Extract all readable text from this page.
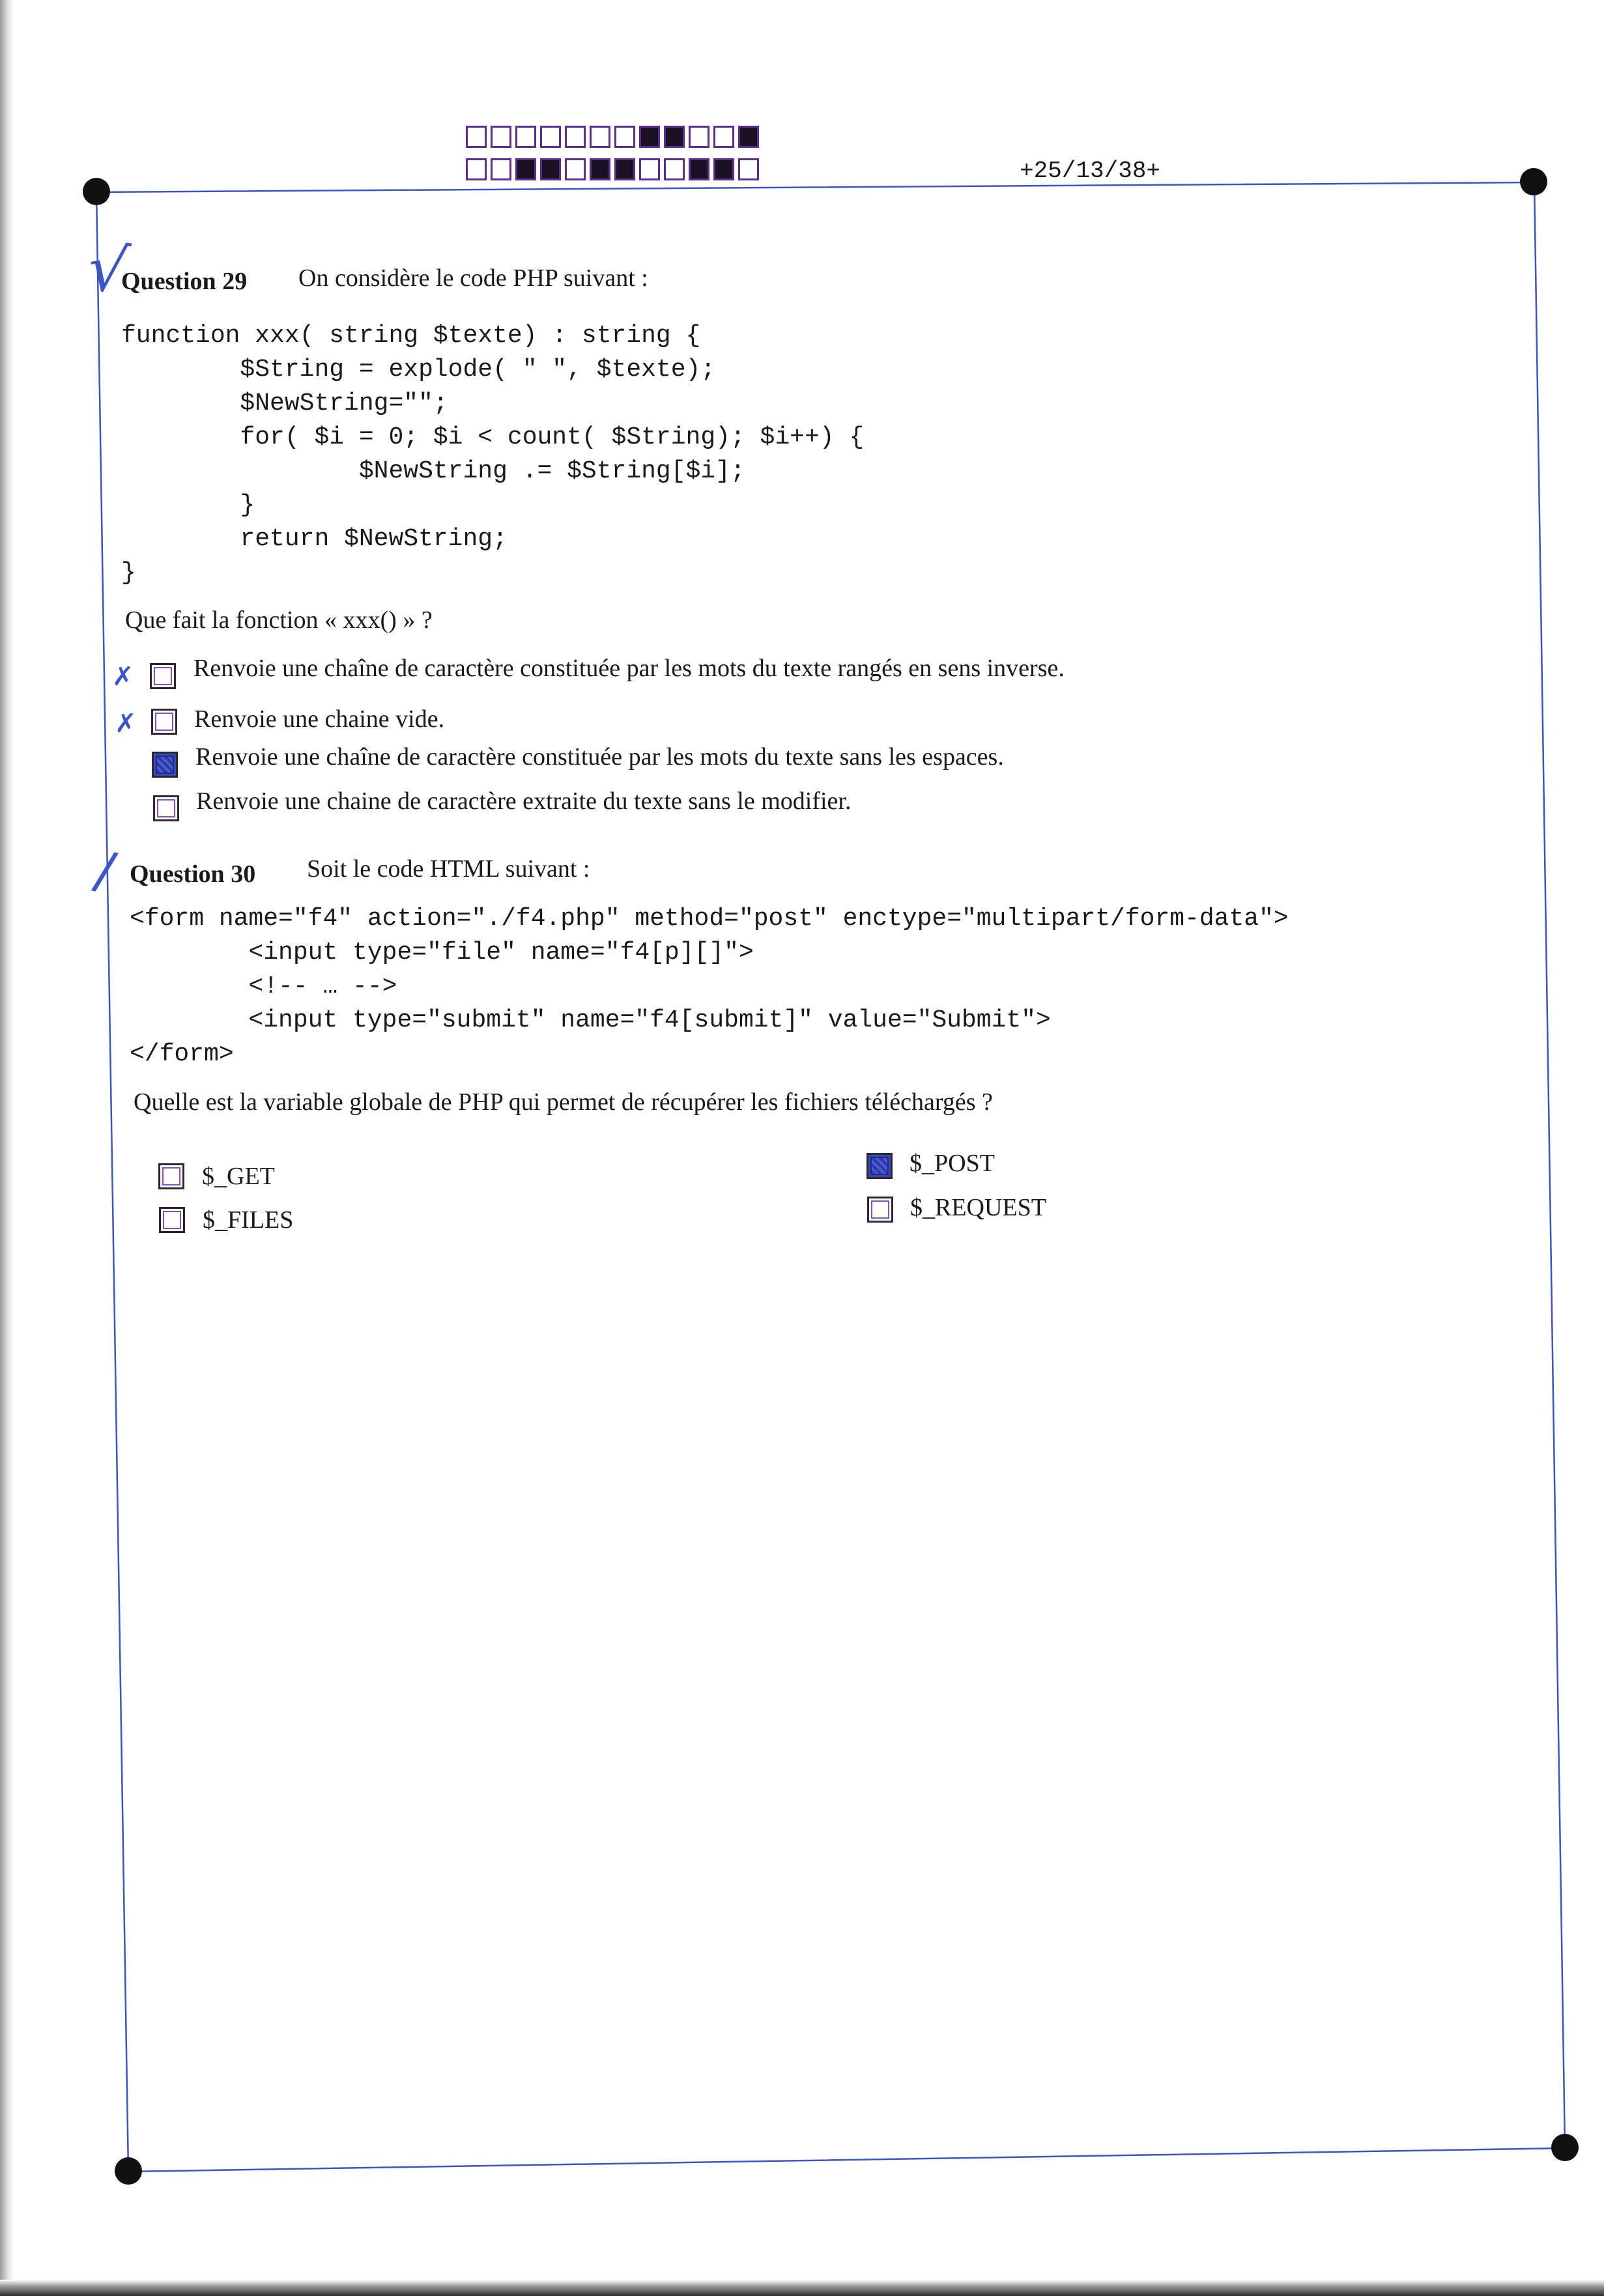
+25/13/38+
√
Question 29 On considère le code PHP suivant :
function xxx( string $texte) : string {
$String = explode( " ", $texte);
$NewString="";
for( $i = 0; $i < count( $String); $i++) {
$NewString .= $String[$i];
}
return $NewString;
}
Que fait la fonction « xxx() » ?
✗ Renvoie une chaîne de caractère constituée par les mots du texte rangés en sens inverse.
✗ Renvoie une chaine vide.
Renvoie une chaîne de caractère constituée par les mots du texte sans les espaces.
Renvoie une chaine de caractère extraite du texte sans le modifier.
/ Question 30 Soit le code HTML suivant :
<form name="f4" action="./f4.php" method="post" enctype="multipart/form-data">
<input type="file" name="f4[p][]">
<!-- … -->
<input type="submit" name="f4[submit]" value="Submit">
</form>
Quelle est la variable globale de PHP qui permet de récupérer les fichiers téléchargés ?
$_GET
$_FILES
$_POST
$_REQUEST
